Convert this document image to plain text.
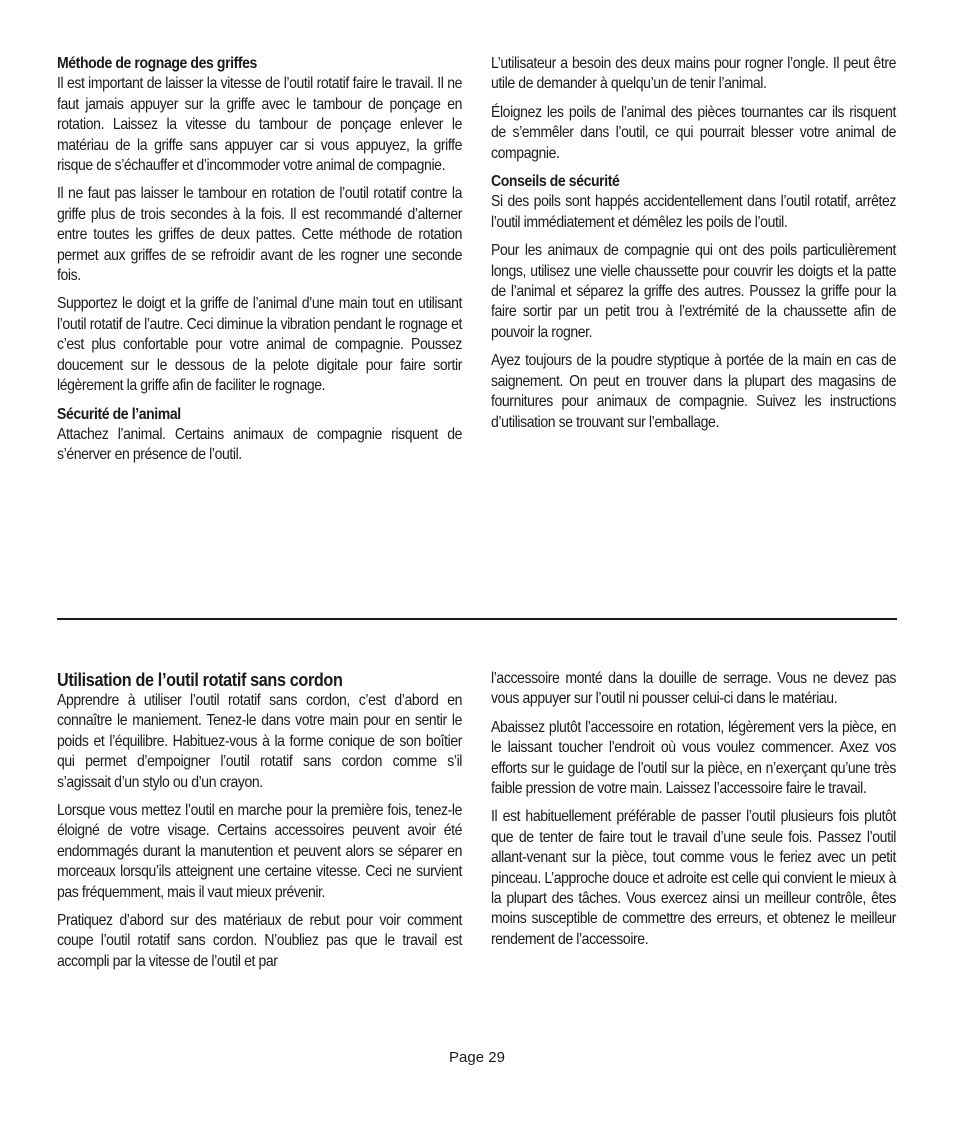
Méthode de rognage des griffes

Il est important de laisser la vitesse de l’outil rotatif faire le travail. Il ne faut jamais appuyer sur la griffe avec le tambour de ponçage en rotation. Laissez la vitesse du tambour de ponçage enlever le matériau de la griffe sans appuyer car si vous appuyez, la griffe risque de s’échauffer et d’incommoder votre animal de compagnie.

Il ne faut pas laisser le tambour en rotation de l’outil rotatif contre la griffe plus de trois secondes à la fois. Il est recommandé d’alterner entre toutes les griffes de deux pattes. Cette méthode de rotation permet aux griffes de se refroidir avant de les rogner une seconde fois.

Supportez le doigt et la griffe de l’animal d’une main tout en utilisant l’outil rotatif de l’autre. Ceci diminue la vibration pendant le rognage et c’est plus confortable pour votre animal de compagnie. Poussez doucement sur le dessous de la pelote digitale pour faire sortir légèrement la griffe afin de faciliter le rognage.

Sécurité de l’animal

Attachez l’animal. Certains animaux de compagnie risquent de s’énerver en présence de l’outil.

L’utilisateur a besoin des deux mains pour rogner l’ongle. Il peut être utile de demander à quelqu’un de tenir l’animal.

Éloignez les poils de l’animal des pièces tournantes car ils risquent de s’emmêler dans l’outil, ce qui pourrait blesser votre animal de compagnie.

Conseils de sécurité

Si des poils sont happés accidentellement dans l’outil rotatif, arrêtez l’outil immédiatement et démêlez les poils de l’outil.

Pour les animaux de compagnie qui ont des poils particulièrement longs, utilisez une vielle chaussette pour couvrir les doigts et la patte de l’animal et séparez la griffe des autres. Poussez la griffe pour la faire sortir par un petit trou à l’extrémité de la chaussette afin de pouvoir la rogner.

Ayez toujours de la poudre styptique à portée de la main en cas de saignement. On peut en trouver dans la plupart des magasins de fournitures pour animaux de compagnie. Suivez les instructions d’utilisation se trouvant sur l’emballage.

Utilisation de l’outil rotatif sans cordon

Apprendre à utiliser l’outil rotatif sans cordon, c’est d’abord en connaître le maniement. Tenez-le dans votre main pour en sentir le poids et l’équilibre. Habituez-vous à la forme conique de son boîtier qui permet d’empoigner l’outil rotatif sans cordon comme s’il s’agissait d’un stylo ou d’un crayon.

Lorsque vous mettez l’outil en marche pour la première fois, tenez-le éloigné de votre visage. Certains accessoires peuvent avoir été endommagés durant la manutention et peuvent alors se séparer en morceaux lorsqu’ils atteignent une certaine vitesse. Ceci ne survient pas fréquemment, mais il vaut mieux prévenir.

Pratiquez d’abord sur des matériaux de rebut pour voir comment coupe l’outil rotatif sans cordon. N’oubliez pas que le travail est accompli par la vitesse de l’outil et par

l’accessoire monté dans la douille de serrage. Vous ne devez pas vous appuyer sur l’outil ni pousser celui-ci dans le matériau.

Abaissez plutôt l’accessoire en rotation, légèrement vers la pièce, en le laissant toucher l’endroit où vous voulez commencer. Axez vos efforts sur le guidage de l’outil sur la pièce, en n’exerçant qu’une très faible pression de votre main. Laissez l’accessoire faire le travail.

Il est habituellement préférable de passer l’outil plusieurs fois plutôt que de tenter de faire tout le travail d’une seule fois. Passez l’outil allant-venant sur la pièce, tout comme vous le feriez avec un petit pinceau. L’approche douce et adroite est celle qui convient le mieux à la plupart des tâches. Vous exercez ainsi un meilleur contrôle, êtes moins susceptible de commettre des erreurs, et obtenez le meilleur rendement de l’accessoire.

Page 29
